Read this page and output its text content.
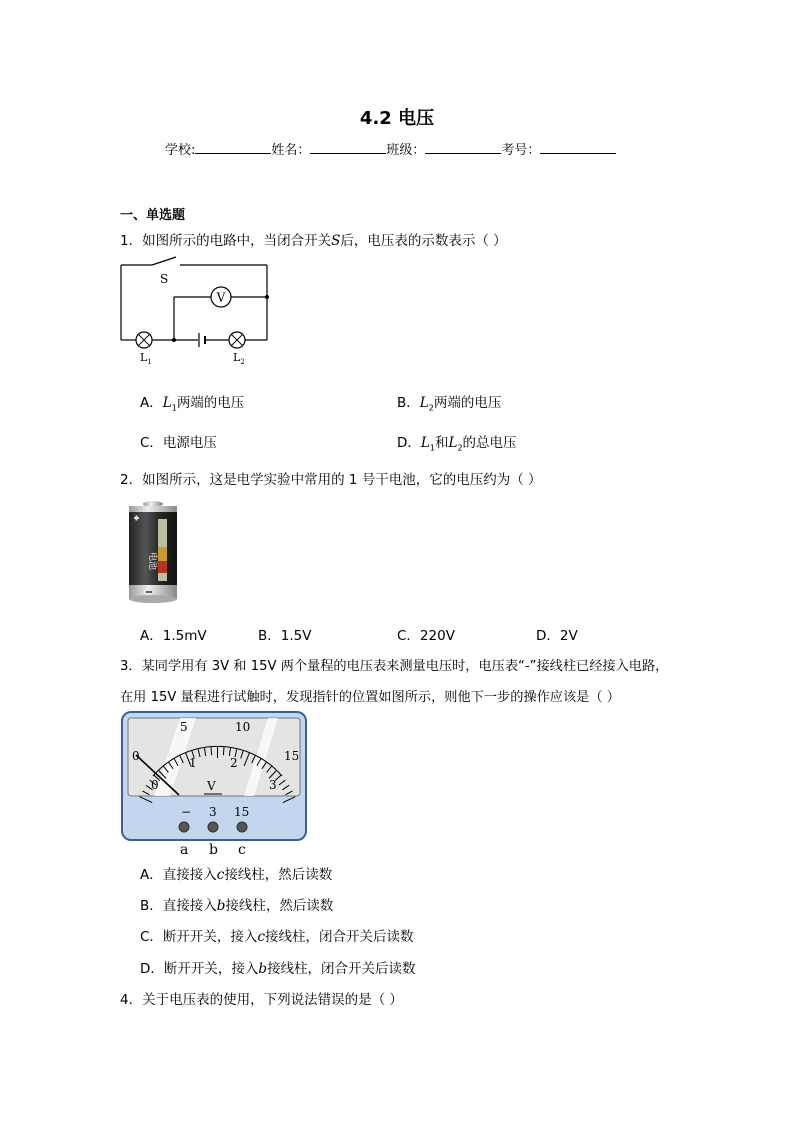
4.2 电压
学校:	姓名：	班级：	考号：
一、单选题
1．如图所示的电路中，当闭合开关S后，电压表的示数表示（ ）
V
S
$L_1$	$L_2$
A．$L_1$两端的电压	B．$L_2$两端的电压
C．电源电压	D．$L_1$和$L_2$的总电压
2．如图所示，这是电学实验中常用的 1 号干电池，它的电压约为（ ）
电池
A．1.5mV	B．1.5V	C．220V	D．2V
3．某同学用有 3V 和 15V 两个量程的电压表来测量电压时，电压表“-”接线柱已经接入电路，
在用 15V 量程进行试触时，发现指针的位置如图所示，则他下一步的操作应该是（ ）
0
5	10
15
0
1	2
3
V
− 3 15
a b c
A．直接接入c接线柱，然后读数
B．直接接入b接线柱，然后读数
C．断开开关，接入c接线柱，闭合开关后读数
D．断开开关，接入b接线柱，闭合开关后读数
4．关于电压表的使用，下列说法错误的是（ ）
